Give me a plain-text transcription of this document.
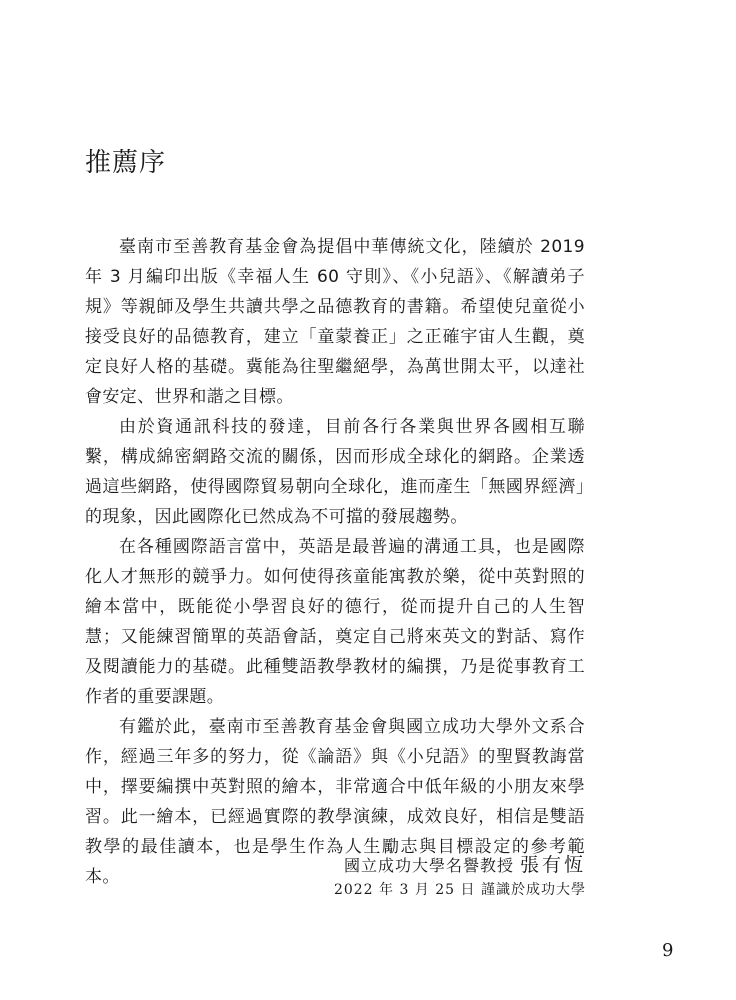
推薦序

臺南市至善教育基金會為提倡中華傳統文化，陸續於 2019 年 3 月編印出版《幸福人生 60 守則》、《小兒語》、《解讀弟子規》等親師及學生共讀共學之品德教育的書籍。希望使兒童從小接受良好的品德教育，建立「童蒙養正」之正確宇宙人生觀，奠定良好人格的基礎。冀能為往聖繼絕學，為萬世開太平，以達社會安定、世界和諧之目標。

由於資通訊科技的發達，目前各行各業與世界各國相互聯繫，構成綿密網路交流的關係，因而形成全球化的網路。企業透過這些網路，使得國際貿易朝向全球化，進而產生「無國界經濟」的現象，因此國際化已然成為不可擋的發展趨勢。

在各種國際語言當中，英語是最普遍的溝通工具，也是國際化人才無形的競爭力。如何使得孩童能寓教於樂，從中英對照的繪本當中，既能從小學習良好的德行，從而提升自己的人生智慧；又能練習簡單的英語會話，奠定自己將來英文的對話、寫作及閱讀能力的基礎。此種雙語教學教材的編撰，乃是從事教育工作者的重要課題。

有鑑於此，臺南市至善教育基金會與國立成功大學外文系合作，經過三年多的努力，從《論語》與《小兒語》的聖賢教誨當中，擇要編撰中英對照的繪本，非常適合中低年級的小朋友來學習。此一繪本，已經過實際的教學演練，成效良好，相信是雙語教學的最佳讀本，也是學生作為人生勵志與目標設定的參考範本。

國立成功大學名譽教授 張有恆
2022 年 3 月 25 日 謹識於成功大學
9
